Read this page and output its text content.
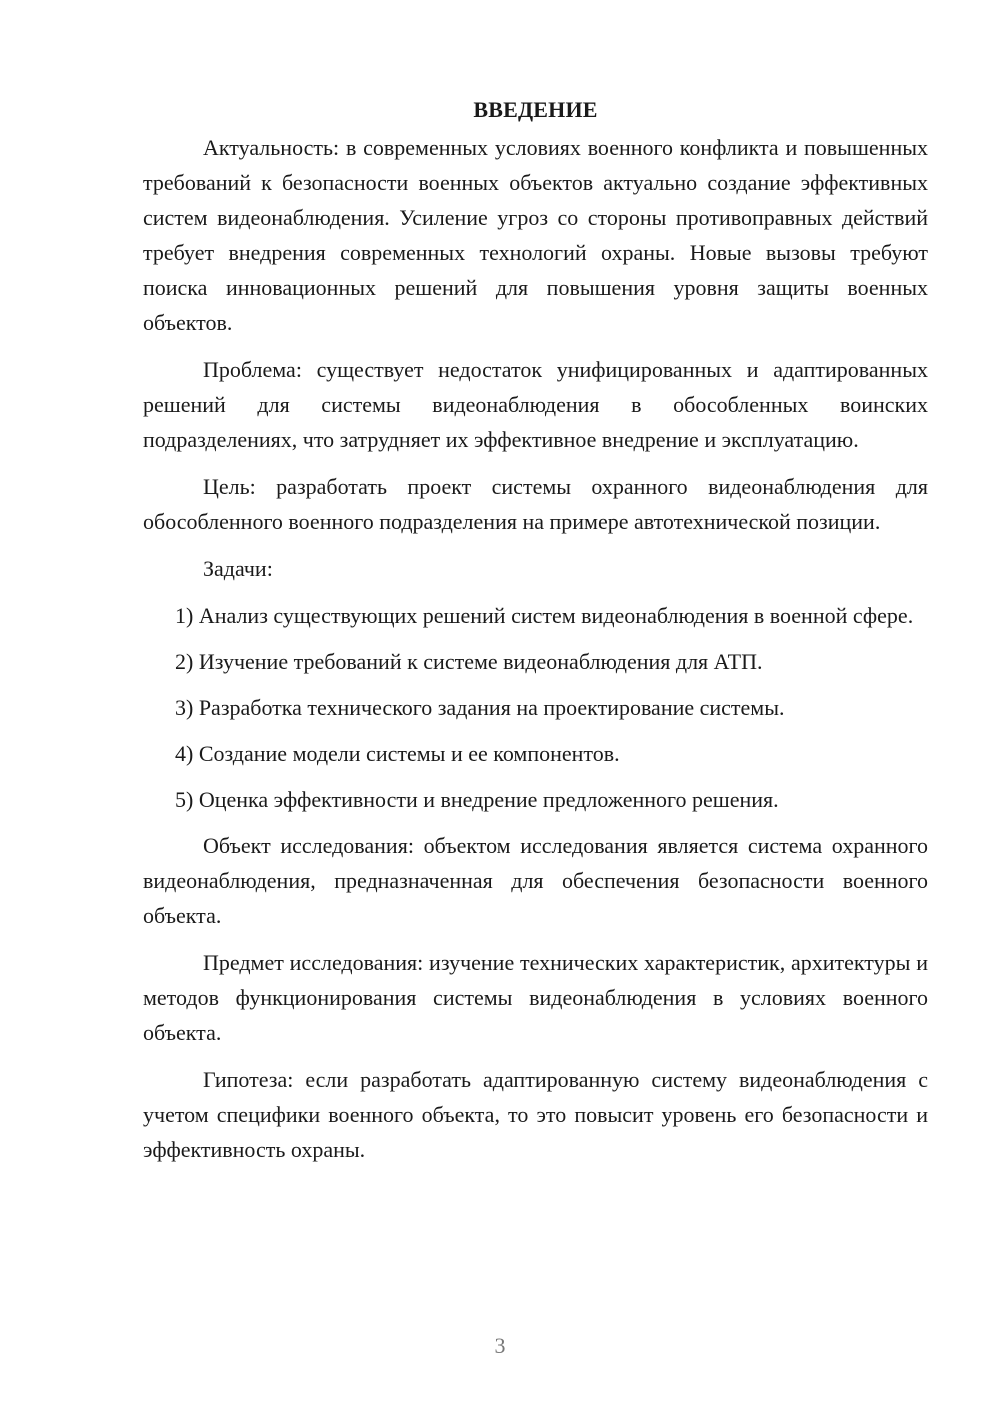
ВВЕДЕНИЕ

Актуальность: в современных условиях военного конфликта и повышенных требований к безопасности военных объектов актуально создание эффективных систем видеонаблюдения. Усиление угроз со стороны противоправных действий требует внедрения современных технологий охраны. Новые вызовы требуют поиска инновационных решений для повышения уровня защиты военных объектов.

Проблема: существует недостаток унифицированных и адаптированных решений для системы видеонаблюдения в обособленных воинских подразделениях, что затрудняет их эффективное внедрение и эксплуатацию.

Цель: разработать проект системы охранного видеонаблюдения для обособленного военного подразделения на примере автотехнической позиции.

Задачи:

1) Анализ существующих решений систем видеонаблюдения в военной сфере.

2) Изучение требований к системе видеонаблюдения для АТП.

3) Разработка технического задания на проектирование системы.

4) Создание модели системы и ее компонентов.

5) Оценка эффективности и внедрение предложенного решения.

Объект исследования: объектом исследования является система охранного видеонаблюдения, предназначенная для обеспечения безопасности военного объекта.

Предмет исследования: изучение технических характеристик, архитектуры и методов функционирования системы видеонаблюдения в условиях военного объекта.

Гипотеза: если разработать адаптированную систему видеонаблюдения с учетом специфики военного объекта, то это повысит уровень его безопасности и эффективность охраны.

3
